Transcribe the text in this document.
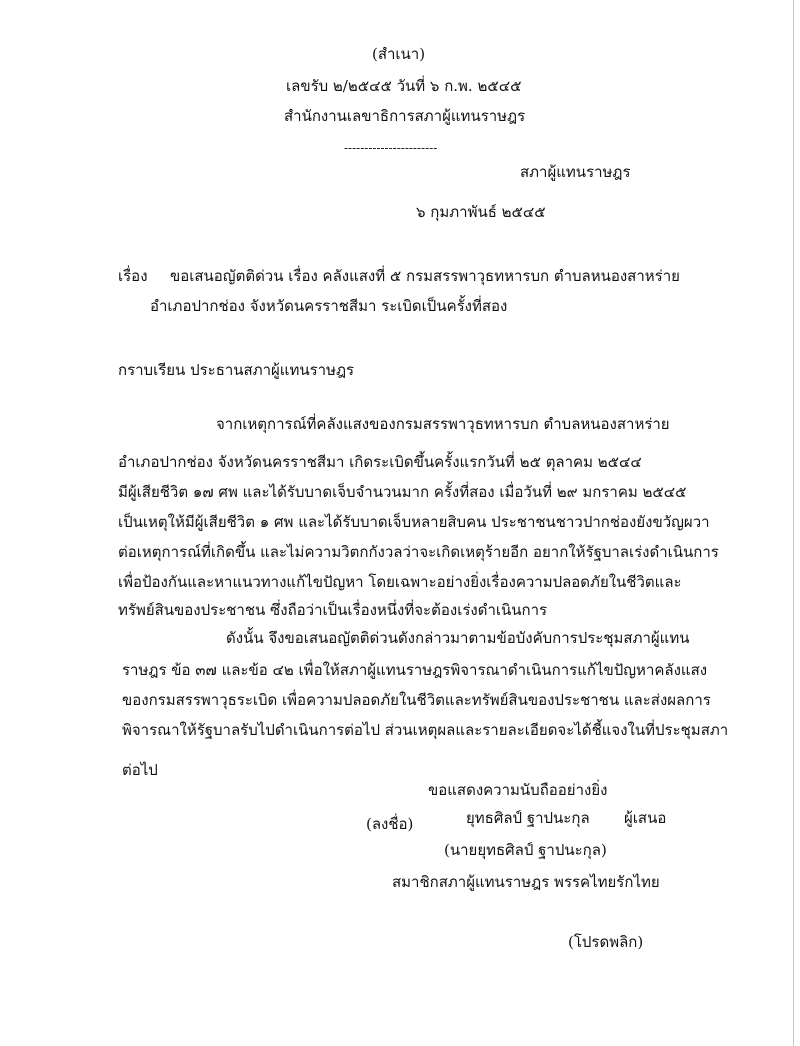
(สำเนา)
เลขรับ ๒/๒๕๔๕ วันที่ ๖ ก.พ. ๒๕๔๕
สำนักงานเลขาธิการสภาผู้แทนราษฎร
-----------------------
สภาผู้แทนราษฎร
๖ กุมภาพันธ์ ๒๕๔๕
เรื่อง ขอเสนอญัตติด่วน เรื่อง คลังแสงที่ ๕ กรมสรรพาวุธทหารบก ตำบลหนองสาหร่าย
อำเภอปากช่อง จังหวัดนครราชสีมา ระเบิดเป็นครั้งที่สอง
กราบเรียน ประธานสภาผู้แทนราษฎร
จากเหตุการณ์ที่คลังแสงของกรมสรรพาวุธทหารบก ตำบลหนองสาหร่าย
อำเภอปากช่อง จังหวัดนครราชสีมา เกิดระเบิดขึ้นครั้งแรกวันที่ ๒๕ ตุลาคม ๒๕๔๔
มีผู้เสียชีวิต ๑๗ ศพ และได้รับบาดเจ็บจำนวนมาก ครั้งที่สอง เมื่อวันที่ ๒๙ มกราคม ๒๕๔๕
เป็นเหตุให้มีผู้เสียชีวิต ๑ ศพ และได้รับบาดเจ็บหลายสิบคน ประชาชนชาวปากช่องยังขวัญผวา
ต่อเหตุการณ์ที่เกิดขึ้น และไม่ความวิตกกังวลว่าจะเกิดเหตุร้ายอีก อยากให้รัฐบาลเร่งดำเนินการ
เพื่อป้องกันและหาแนวทางแก้ไขปัญหา โดยเฉพาะอย่างยิ่งเรื่องความปลอดภัยในชีวิตและ
ทรัพย์สินของประชาชน ซึ่งถือว่าเป็นเรื่องหนึ่งที่จะต้องเร่งดำเนินการ
ดังนั้น จึงขอเสนอญัตติด่วนดังกล่าวมาตามข้อบังคับการประชุมสภาผู้แทน
ราษฎร ข้อ ๓๗ และข้อ ๔๒ เพื่อให้สภาผู้แทนราษฎรพิจารณาดำเนินการแก้ไขปัญหาคลังแสง
ของกรมสรรพาวุธระเบิด เพื่อความปลอดภัยในชีวิตและทรัพย์สินของประชาชน และส่งผลการ
พิจารณาให้รัฐบาลรับไปดำเนินการต่อไป ส่วนเหตุผลและรายละเอียดจะได้ชี้แจงในที่ประชุมสภา
ต่อไป
ขอแสดงความนับถืออย่างยิ่ง
(ลงชื่อ)	ยุทธศิลป์ ฐาปนะกุล ผู้เสนอ
(นายยุทธศิลป์ ฐาปนะกุล)
สมาชิกสภาผู้แทนราษฎร พรรคไทยรักไทย
(โปรดพลิก)
